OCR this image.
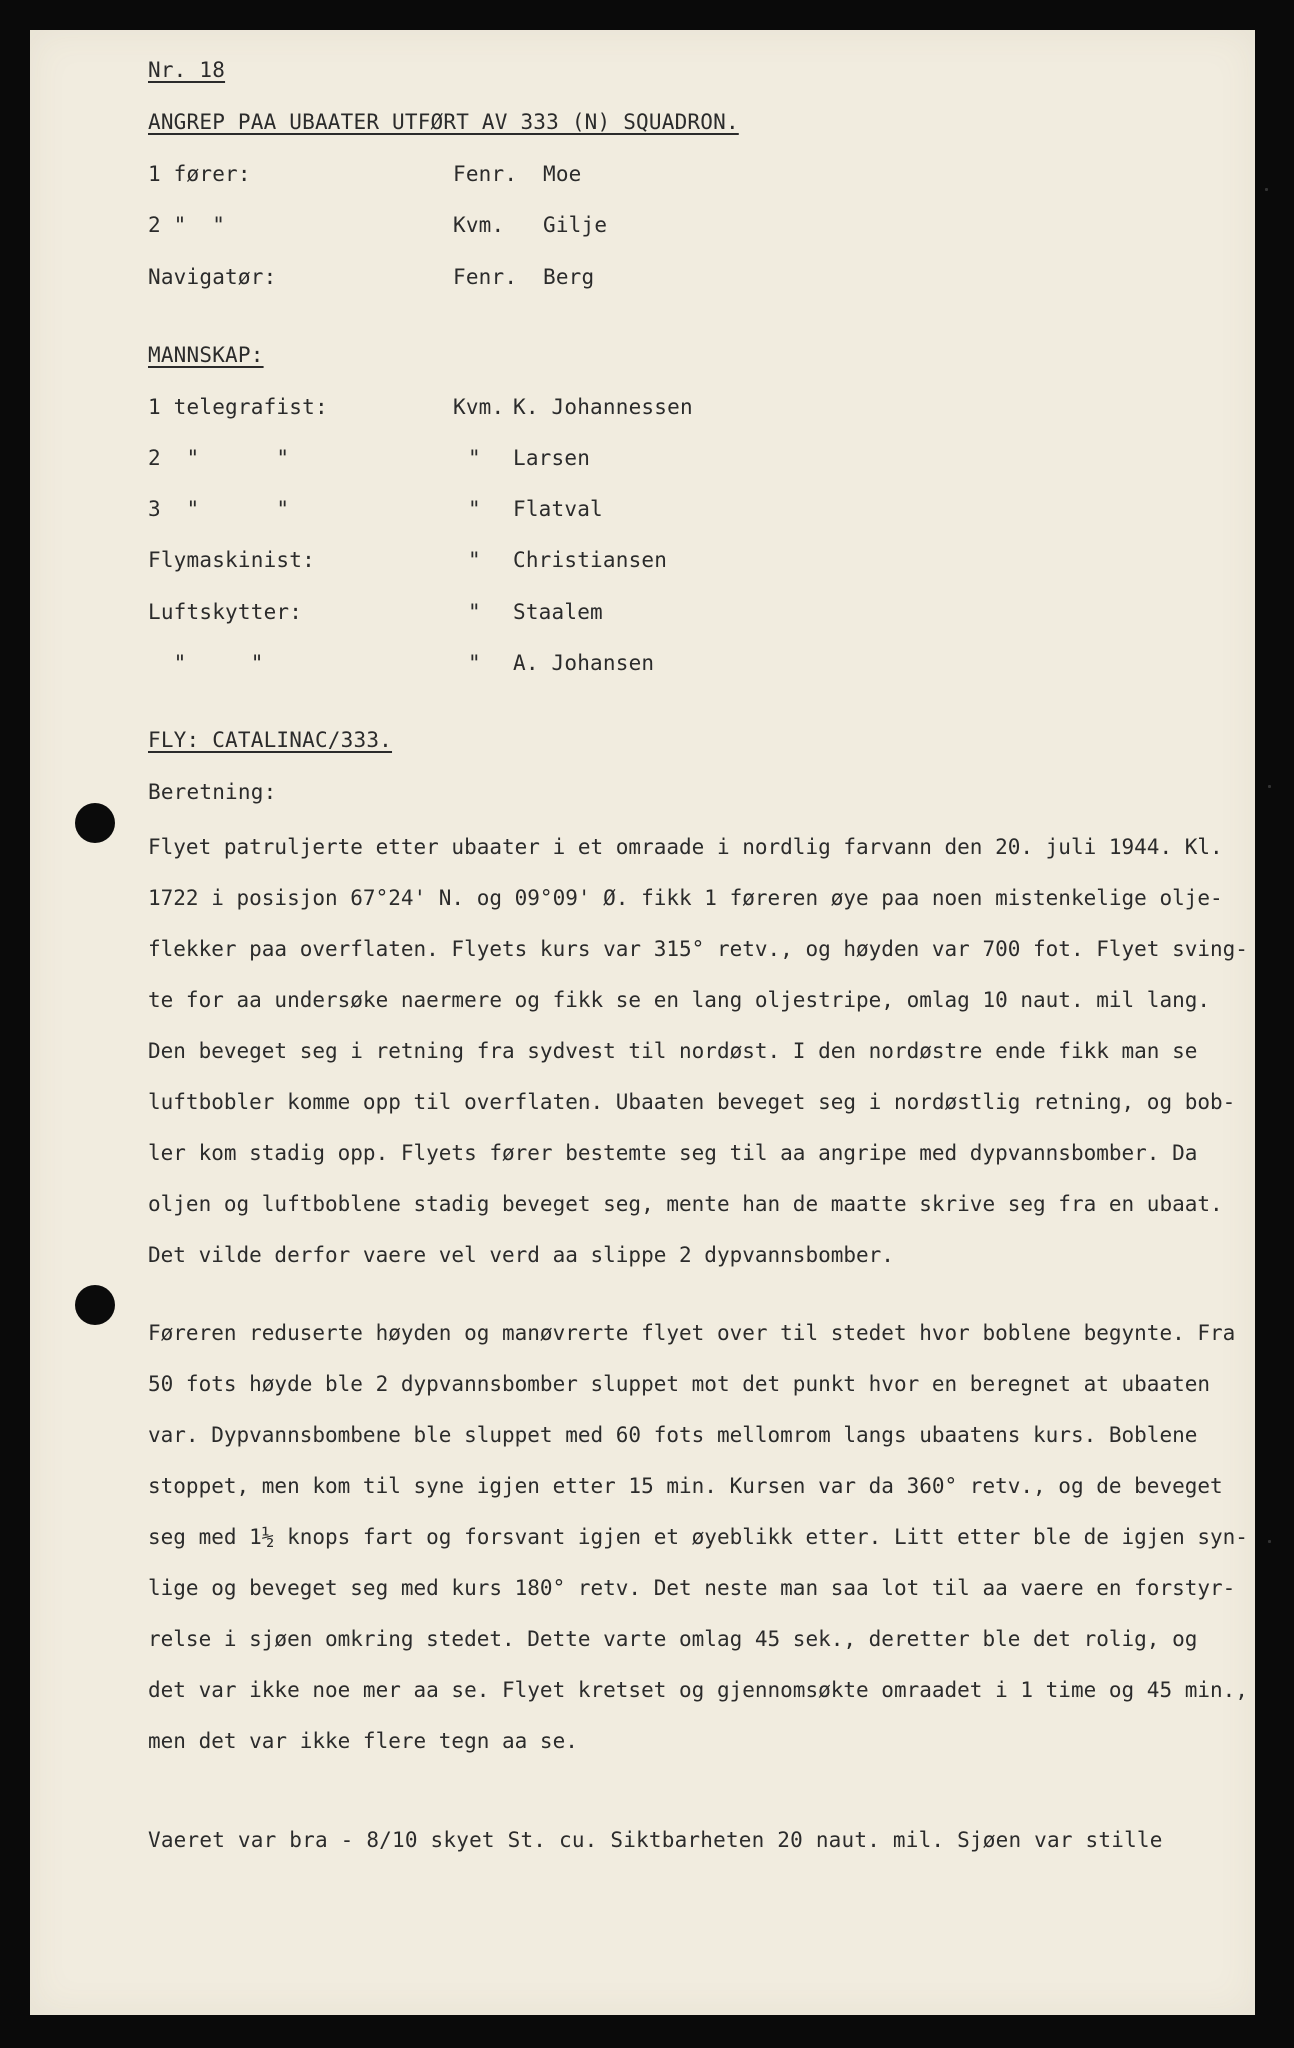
Nr. 18
ANGREP PAA UBAATER UTFØRT AV 333 (N) SQUADRON.
1 fører:	Fenr. Moe
2 "  "	Kvm. Gilje
Navigatør:	Fenr. Berg
MANNSKAP:
1 telegrafist:	Kvm. K. Johannessen
2  "      "	" Larsen
3  "      "	" Flatval
Flymaskinist:	" Christiansen
Luftskytter:	" Staalem
"     "	" A. Johansen
FLY: CATALINAC/333.
Beretning:
Flyet patruljerte etter ubaater i et omraade i nordlig farvann den 20. juli 1944. Kl.
1722 i posisjon 67°24' N. og 09°09' Ø. fikk 1 føreren øye paa noen mistenkelige olje-
flekker paa overflaten. Flyets kurs var 315° retv., og høyden var 700 fot. Flyet sving-
te for aa undersøke naermere og fikk se en lang oljestripe, omlag 10 naut. mil lang.
Den beveget seg i retning fra sydvest til nordøst. I den nordøstre ende fikk man se
luftbobler komme opp til overflaten. Ubaaten beveget seg i nordøstlig retning, og bob-
ler kom stadig opp. Flyets fører bestemte seg til aa angripe med dypvannsbomber. Da
oljen og luftboblene stadig beveget seg, mente han de maatte skrive seg fra en ubaat.
Det vilde derfor vaere vel verd aa slippe 2 dypvannsbomber.
Føreren reduserte høyden og manøvrerte flyet over til stedet hvor boblene begynte. Fra
50 fots høyde ble 2 dypvannsbomber sluppet mot det punkt hvor en beregnet at ubaaten
var. Dypvannsbombene ble sluppet med 60 fots mellomrom langs ubaatens kurs. Boblene
stoppet, men kom til syne igjen etter 15 min. Kursen var da 360° retv., og de beveget
seg med 1½ knops fart og forsvant igjen et øyeblikk etter. Litt etter ble de igjen syn-
lige og beveget seg med kurs 180° retv. Det neste man saa lot til aa vaere en forstyr-
relse i sjøen omkring stedet. Dette varte omlag 45 sek., deretter ble det rolig, og
det var ikke noe mer aa se. Flyet kretset og gjennomsøkte omraadet i 1 time og 45 min.,
men det var ikke flere tegn aa se.
Vaeret var bra - 8/10 skyet St. cu. Siktbarheten 20 naut. mil. Sjøen var stille
